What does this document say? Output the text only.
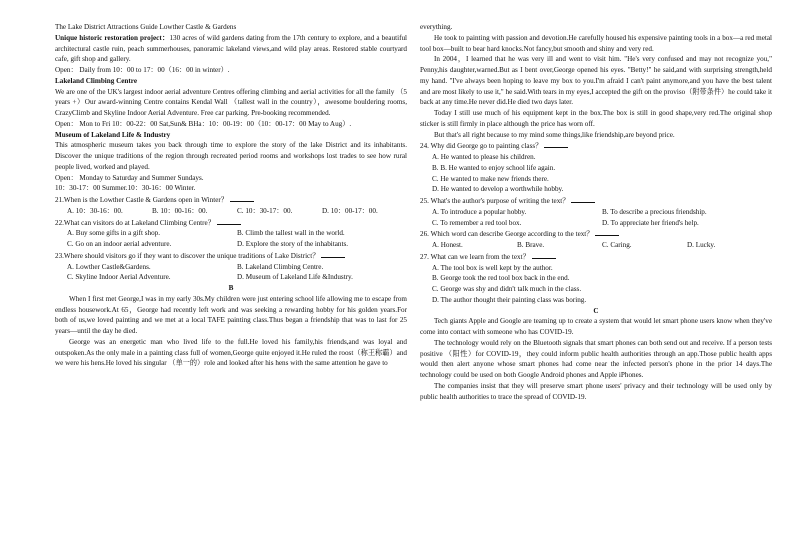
The Lake District Attractions Guide Lowther Castle & Gardens

Unique historic restoration project：130 acres of wild gardens dating from the 17th century to explore, and a beautiful architectural castle ruin, peach summerhouses, panoramic lakeland views,and wild play areas. Restored stable courtyard cafe, gift shop and gallery.

Open： Daily from 10：00 to 17：00（16：00 in winter）.

Lakeland Climbing Centre

We are one of the UK's largest indoor aerial adventure Centres offering climbing and aerial activities for all the family （5 years +）Our award-winning Centre contains Kendal Wall （tallest wall in the country），awesome bouldering rooms, CrazyClimb and Skyline Indoor Aerial Adventure. Free car parking. Pre-booking recommended.

Open： Mon to Fri 10：00-22：00 Sat,Sun& BHa：10：00-19：00（10：00-17：00 May to Aug）.

Museum of Lakeland Life & Industry

This atmospheric museum takes you back through time to explore the story of the lake District and its inhabitants. Discover the unique traditions of the region through recreated period rooms and workshops lost trades to see how rural people lived, worked and played.

Open： Monday to Saturday and Summer Sundays.

10：30-17：00 Summer.10：30-16：00 Winter.

21.When is the Lowther Castle & Gardens open in Winter？

A. 10：30-16：00.	B. 10：00-16：00.	C. 10：30-17：00.	D. 10：00-17：00.

22.What can visitors do at Lakeland Climbing Centre？

A. Buy some gifts in a gift shop.	B. Climb the tallest wall in the world.
C. Go on an indoor aerial adventure.	D. Explore the story of the inhabitants.

23.Where should visitors go if they want to discover the unique traditions of Lake District？

A. Lowther Castle&Gardens.	B. Lakeland Climbing Centre.
C. Skyline Indoor Aerial Adventure.	D. Museum of Lakeland Life &Industry.

B

When I first met George,I was in my early 30s.My children were just entering school life allowing me to escape from endless housework.At 65，George had recently left work and was seeking a rewarding hobby for his golden years.For both of us,we loved painting and we met at a local TAFE painting class.Thus began a friendship that was to last for 25 years—until the day he died.

George was an energetic man who lived life to the full.He loved his family,his friends,and was loyal and outspoken.As the only male in a painting class full of women,George quite enjoyed it.He ruled the roost（称王称霸）and we were his hens.He loved his singular （单一的）role and looked after his hens with the same attention he gave to

everything.

He took to painting with passion and devotion.He carefully housed his expensive painting tools in a box—a red metal tool box—built to bear hard knocks.Not fancy,but smooth and shiny and very red.

In 2004，I learned that he was very ill and went to visit him. "He's very confused and may not recognize you," Penny,his daughter,warned.But as I bent over,George opened his eyes. "Betty!" he said,and with surprising strength,held my hand. "I've always been hoping to leave my box to you.I'm afraid I can't paint anymore,and you have the best talent and are most likely to use it," he said.With tears in my eyes,I accepted the gift on the proviso（附带条件）he could take it back at any time.He never did.He died two days later.

Today I still use much of his equipment kept in the box.The box is still in good shape,very red.The original shop sticker is still firmly in place although the price has worn off.

But that's all right because to my mind some things,like friendship,are beyond price.

24. Why did George go to painting class？

A. He wanted to please his children.
B. B. He wanted to enjoy school life again.
C. He wanted to make new friends there.
D. He wanted to develop a worthwhile hobby.

25. What's the author's purpose of writing the text？

A. To introduce a popular hobby.	B. To describe a precious friendship.
C. To remember a red tool box.	D. To appreciate her friend's help.

26. Which word can describe George according to the text？

A. Honest.	B. Brave.	C. Caring.	D. Lucky.

27. What can we learn from the text？

A. The tool box is well kept by the author.
B. George took the red tool box back in the end.
C. George was shy and didn't talk much in the class.
D. The author thought their painting class was boring.

C

Tech giants Apple and Google are teaming up to create a system that would let smart phone users know when they've come into contact with someone who has COVID-19.

The technology would rely on the Bluetooth signals that smart phones can both send out and receive. If a person tests positive （阳性）for COVID-19，they could inform public health authorities through an app.Those public health apps would then alert anyone whose smart phones had come near the infected person's phone in the prior 14 days.The technology could be used on both Google Android phones and Apple iPhones.

The companies insist that they will preserve smart phone users' privacy and their technology will be used only by public health authorities to trace the spread of COVID-19.
